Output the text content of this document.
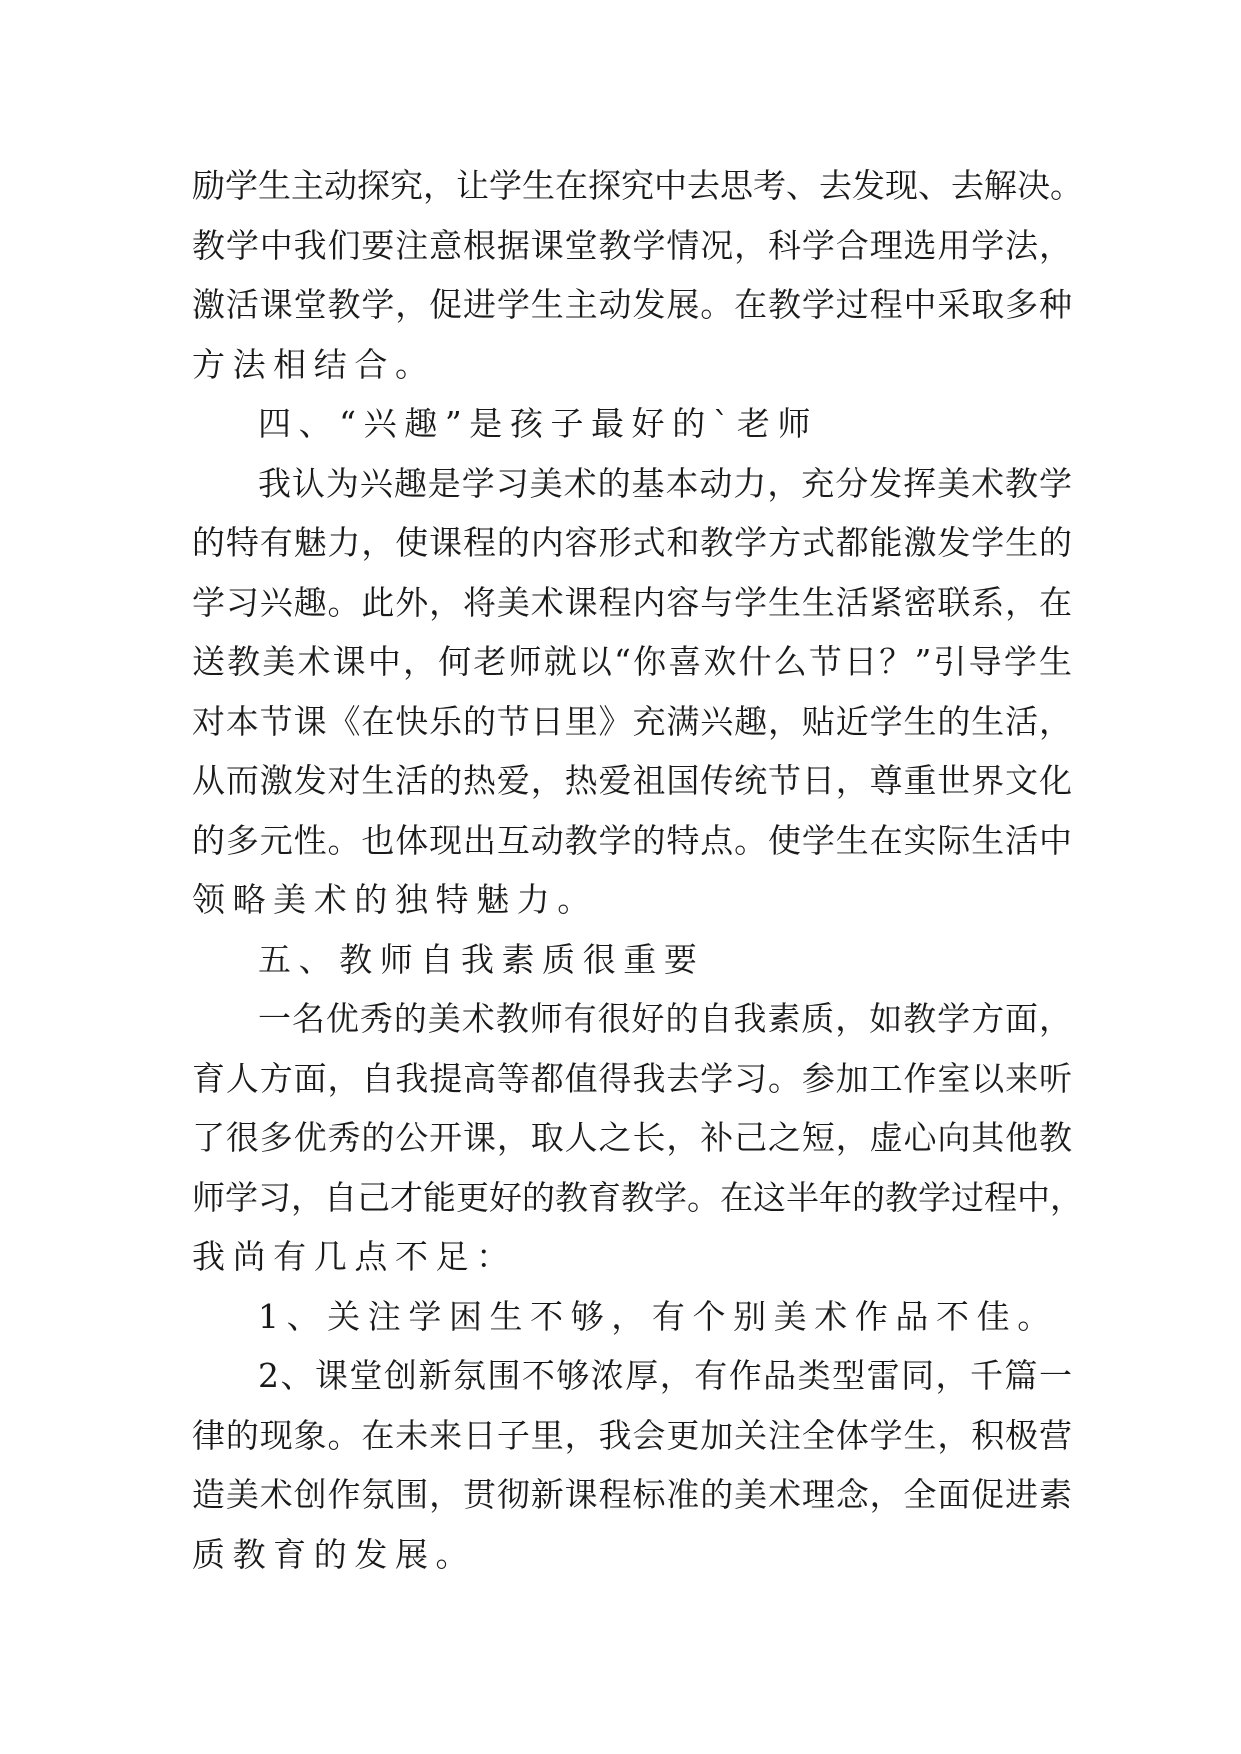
励学生主动探究，让学生在探究中去思考、去发现、去解决。
教学中我们要注意根据课堂教学情况，科学合理选用学法，
激活课堂教学，促进学生主动发展。在教学过程中采取多种
方法相结合。
四、“兴趣”是孩子最好的`老师
我认为兴趣是学习美术的基本动力，充分发挥美术教学
的特有魅力，使课程的内容形式和教学方式都能激发学生的
学习兴趣。此外，将美术课程内容与学生生活紧密联系，在
送教美术课中，何老师就以“你喜欢什么节日？”引导学生
对本节课《在快乐的节日里》充满兴趣，贴近学生的生活，
从而激发对生活的热爱，热爱祖国传统节日，尊重世界文化
的多元性。也体现出互动教学的特点。使学生在实际生活中
领略美术的独特魅力。
五、教师自我素质很重要
一名优秀的美术教师有很好的自我素质，如教学方面，
育人方面，自我提高等都值得我去学习。参加工作室以来听
了很多优秀的公开课，取人之长，补己之短，虚心向其他教
师学习，自己才能更好的教育教学。在这半年的教学过程中，
我尚有几点不足：
1、关注学困生不够，有个别美术作品不佳。
2、课堂创新氛围不够浓厚，有作品类型雷同，千篇一
律的现象。在未来日子里，我会更加关注全体学生，积极营
造美术创作氛围，贯彻新课程标准的美术理念，全面促进素
质教育的发展。
